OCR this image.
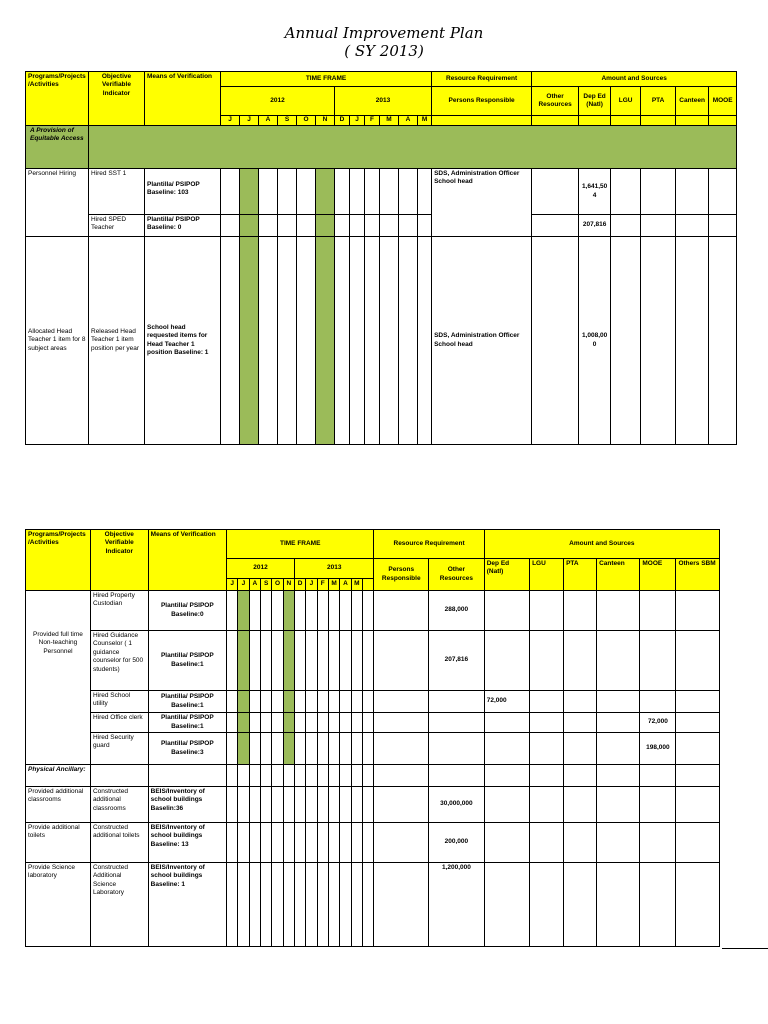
Annual Improvement Plan
( SY 2013)
Programs/Projects /Activities	Objective Verifiable Indicator	Means of Verification	TIME FRAME												Resource Requirement	Amount and Sources						
			2012						2013						Persons Responsible	Other Resources	Dep Ed (Natl)	LGU	PTA	Canteen	MOOE	
			J	J	A	S	O	N	D	J	F	M	A	M								
A Provision of Equitable Access																						
Personnel Hiring	Hired SST 1	Plantilla/ PSIPOP Baseline: 103													SDS, Administration Officer School head		1,641,504					
	Hired SPED Teacher	Plantilla/ PSIPOP Baseline: 0															207,816					
Allocated Head Teacher 1 item for 8 subject areas	Released Head Teacher 1 item position per year	School head requested items for Head Teacher 1 position Baseline: 1													SDS, Administration Officer School head		1,008,000					
Programs/Projects /Activities	Objective Verifiable Indicator	Means of Verification	TIME FRAME													Resource Requirement		Amount and Sources					
			2012						2013							Persons Responsible	Other Resources	Dep Ed (Natl)	LGU	PTA	Canteen	MOOE	Others SBM
			J	J	A	S	O	N	D	J	F	M	A	M									
Provided full time Non-teaching Personnel	Hired Property Custodian	Plantilla/ PSIPOP Baseline:0															288,000						
	Hired Guidance Counselor ( 1 guidance counselor for 500 students)	Plantilla/ PSIPOP Baseline:1															207,816						
	Hired School utility	Plantilla/ PSIPOP Baseline:1																72,000					
	Hired Office clerk	Plantilla/ PSIPOP Baseline:1																				72,000	
	Hired Security guard	Plantilla/ PSIPOP Baseline:3																				198,000	
Physical Ancillary:																							
Provided additional classrooms	Constructed additional classrooms	BEIS/Inventory of school buildings Baselin:36															30,000,000						
Provide additional toilets	Constructed additional toilets	BEIS/Inventory of school buildings Baseline: 13															200,000						
Provide Science laboratory	Constructed Additional Science Laboratory	BEIS/Inventory of school buildings Baseline: 1															1,200,000						
